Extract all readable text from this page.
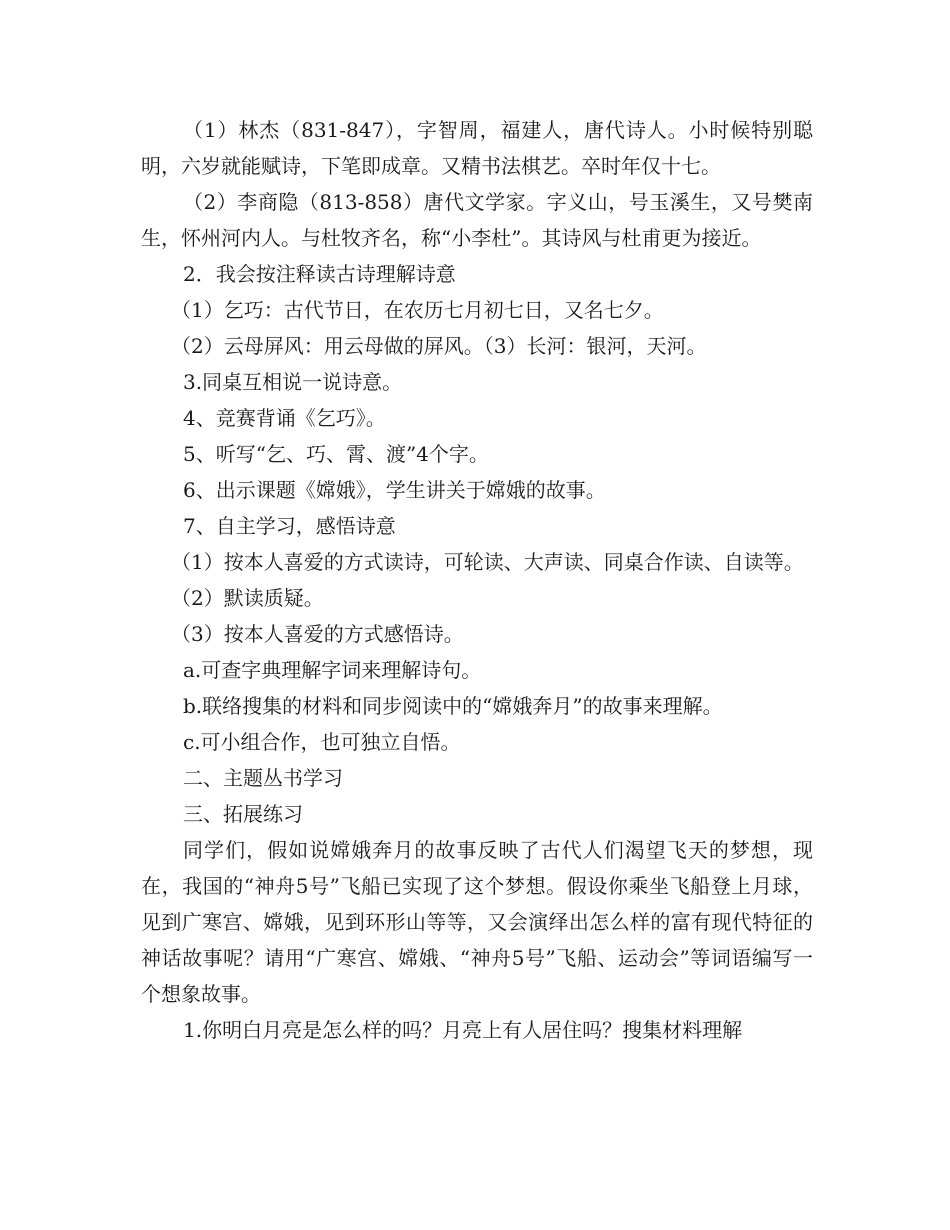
（1）林杰（831-847），字智周，福建人，唐代诗人。小时候特别聪明，六岁就能赋诗，下笔即成章。又精书法棋艺。卒时年仅十七。

（2）李商隐（813-858）唐代文学家。字义山，号玉溪生，又号樊南生，怀州河内人。与杜牧齐名，称“小李杜”。其诗风与杜甫更为接近。

2．我会按注释读古诗理解诗意

（1）乞巧：古代节日，在农历七月初七日，又名七夕。

（2）云母屏风：用云母做的屏风。（3）长河：银河，天河。

3.同桌互相说一说诗意。

4、竞赛背诵《乞巧》。

5、听写“乞、巧、霄、渡”4个字。

6、出示课题《嫦娥》，学生讲关于嫦娥的故事。

7、自主学习，感悟诗意

（1）按本人喜爱的方式读诗，可轮读、大声读、同桌合作读、自读等。

（2）默读质疑。

（3）按本人喜爱的方式感悟诗。

a.可查字典理解字词来理解诗句。

b.联络搜集的材料和同步阅读中的“嫦娥奔月”的故事来理解。

c.可小组合作，也可独立自悟。

二、主题丛书学习

三、拓展练习

同学们，假如说嫦娥奔月的故事反映了古代人们渴望飞天的梦想，现在，我国的“神舟5号”飞船已实现了这个梦想。假设你乘坐飞船登上月球，见到广寒宫、嫦娥，见到环形山等等，又会演绎出怎么样的富有现代特征的神话故事呢？请用“广寒宫、嫦娥、“神舟5号”飞船、运动会”等词语编写一个想象故事。

1.你明白月亮是怎么样的吗？月亮上有人居住吗？搜集材料理解
